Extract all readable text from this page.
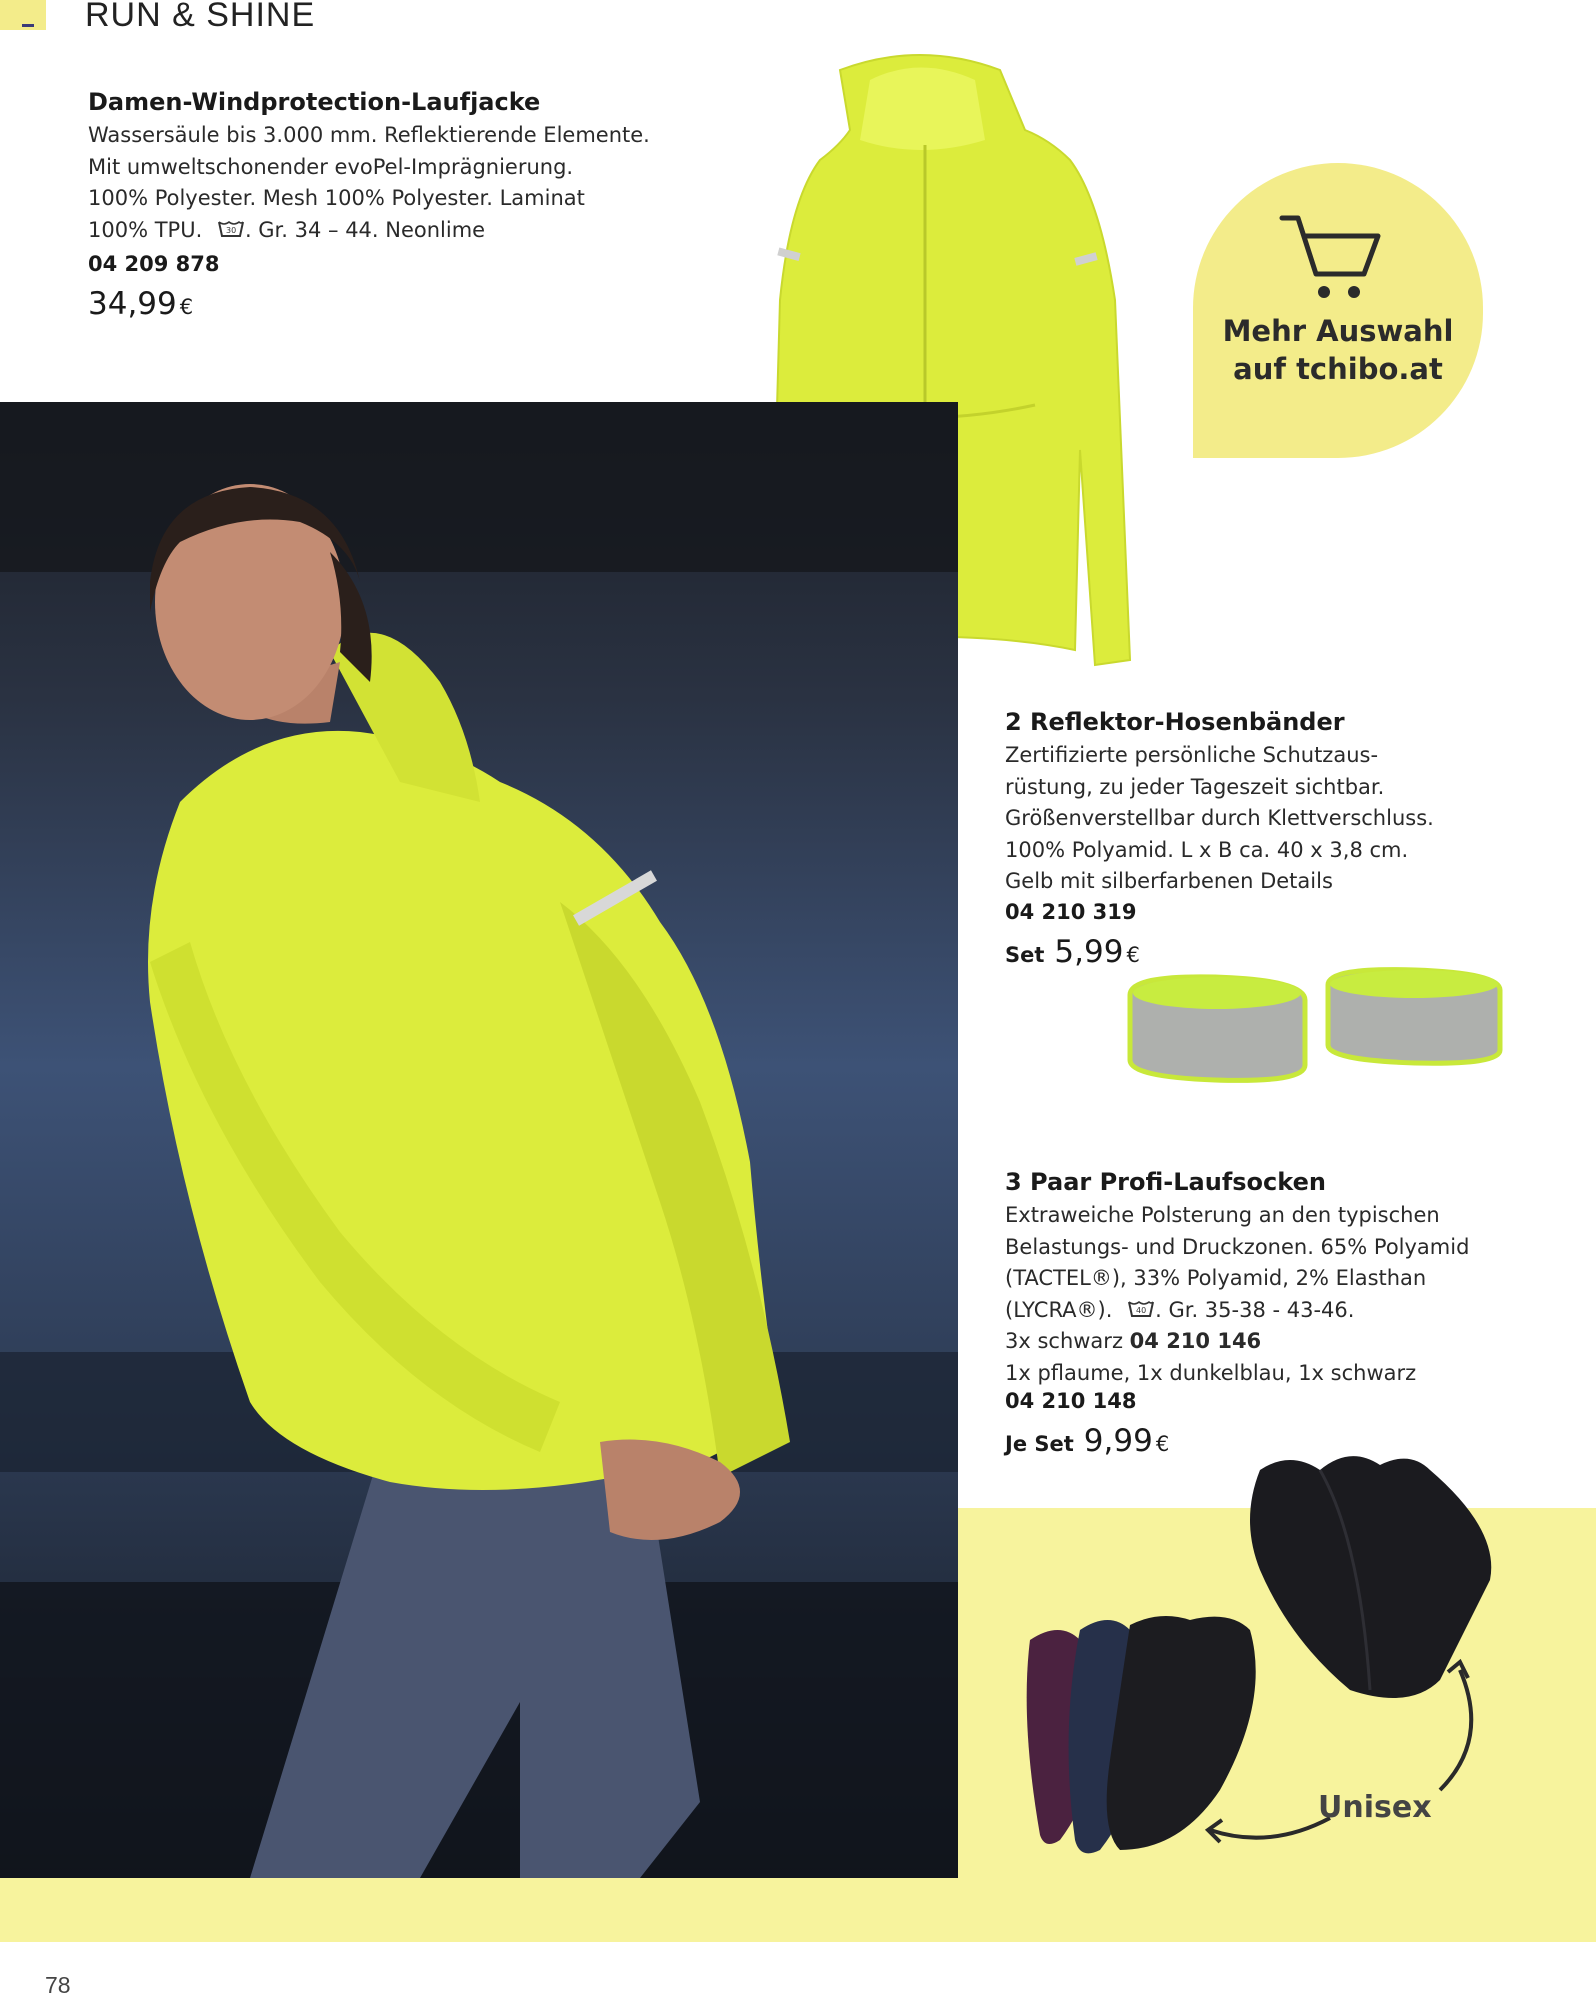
RUN & SHINE
Damen-Windprotection-Laufjacke
Wassersäule bis 3.000 mm. Reflektierende Elemente.
Mit umweltschonender evoPel-Imprägnierung.
100% Polyester. Mesh 100% Polyester. Laminat
100% TPU.	30 . Gr. 34 – 44. Neonlime
04 209 878
34,99 €
Mehr Auswahl
auf tchibo.at
2 Reflektor-Hosenbänder
Zertifizierte persönliche Schutzaus-
rüstung, zu jeder Tageszeit sichtbar.
Größenverstellbar durch Klettverschluss.
100% Polyamid. L x B ca. 40 x 3,8 cm.
Gelb mit silberfarbenen Details
04 210 319
Set 5,99 €
3 Paar Profi-Laufsocken
Extraweiche Polsterung an den typischen
Belastungs- und Druckzonen. 65% Polyamid
(TACTEL®), 33% Polyamid, 2% Elasthan
(LYCRA®).	40 . Gr. 35-38 - 43-46.
3x schwarz 04 210 146
1x pflaume, 1x dunkelblau, 1x schwarz
04 210 148
Je Set 9,99 €
Unisex
78
